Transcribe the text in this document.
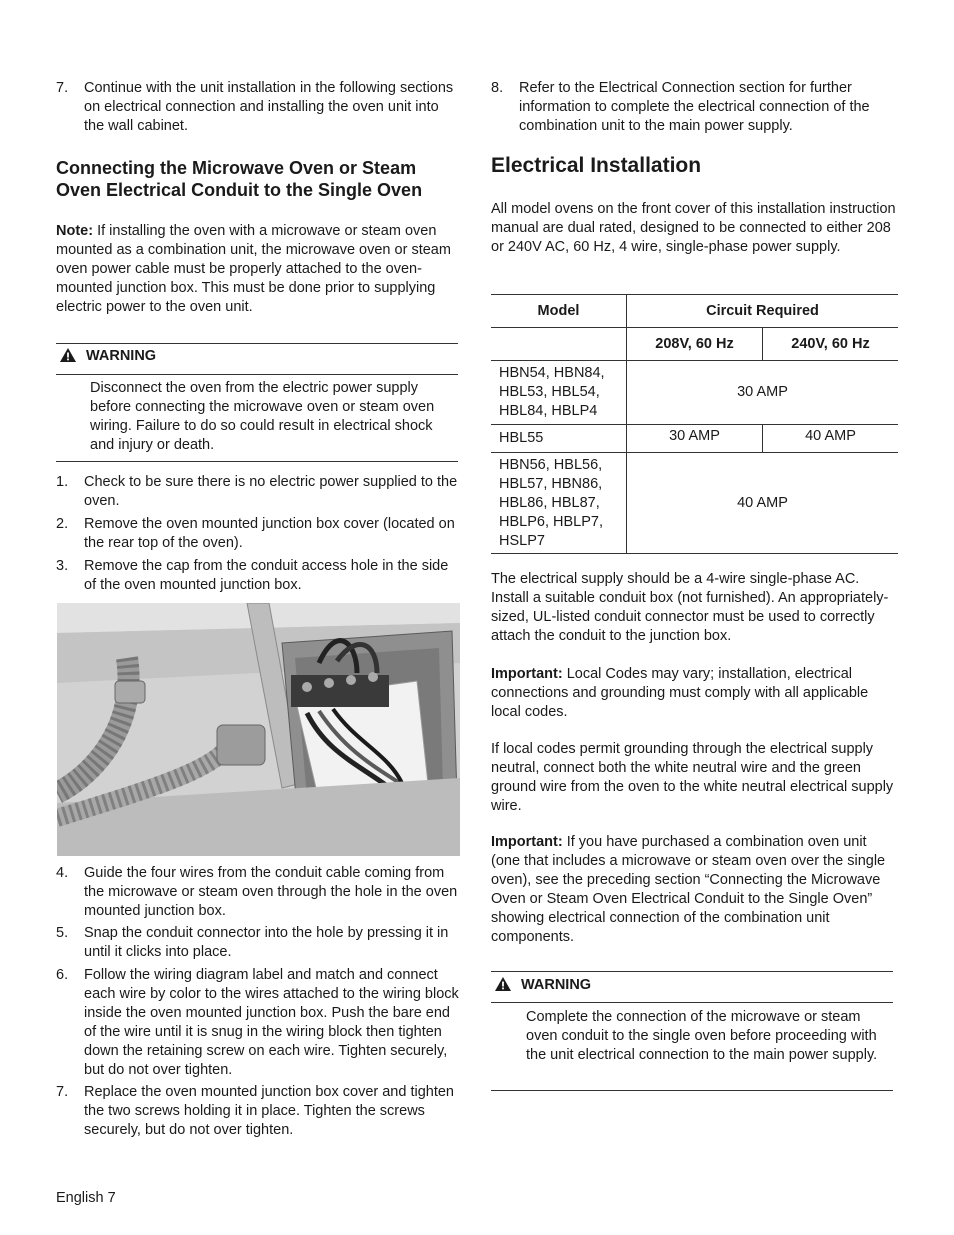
7. Continue with the unit installation in the following sections on electrical connection and installing the oven unit into the wall cabinet.
Connecting the Microwave Oven or Steam Oven Electrical Conduit to the Single Oven
Note: If installing the oven with a microwave or steam oven mounted as a combination unit, the microwave oven or steam oven power cable must be properly attached to the oven-mounted junction box. This must be done prior to supplying electric power to the oven unit.
WARNING
Disconnect the oven from the electric power supply before connecting the microwave oven or steam oven wiring. Failure to do so could result in electrical shock and injury or death.
1. Check to be sure there is no electric power supplied to the oven.
2. Remove the oven mounted junction box cover (located on the rear top of the oven).
3. Remove the cap from the conduit access hole in the side of the oven mounted junction box.
4. Guide the four wires from the conduit cable coming from the microwave or steam oven through the hole in the oven mounted junction box.
5. Snap the conduit connector into the hole by pressing it in until it clicks into place.
6. Follow the wiring diagram label and match and connect each wire by color to the wires attached to the wiring block inside the oven mounted junction box. Push the bare end of the wire until it is snug in the wiring block then tighten down the retaining screw on each wire. Tighten securely, but do not over tighten.
7. Replace the oven mounted junction box cover and tighten the two screws holding it in place. Tighten the screws securely, but do not over tighten.
English 7
8. Refer to the Electrical Connection section for further information to complete the electrical connection of the combination unit to the main power supply.
Electrical Installation
All model ovens on the front cover of this installation instruction manual are dual rated, designed to be connected to either 208 or 240V AC, 60 Hz, 4 wire, single-phase power supply.
Model	Circuit Required	
	208V, 60 Hz	240V, 60 Hz
HBN54, HBN84, HBL53, HBL54, HBL84, HBLP4	30 AMP	
HBL55	30 AMP	40 AMP
HBN56, HBL56, HBL57, HBN86, HBL86, HBL87, HBLP6, HBLP7, HSLP7	40 AMP	
The electrical supply should be a 4-wire single-phase AC. Install a suitable conduit box (not furnished). An appropriately-sized, UL-listed conduit connector must be used to correctly attach the conduit to the junction box.
Important: Local Codes may vary; installation, electrical connections and grounding must comply with all applicable local codes.
If local codes permit grounding through the electrical supply neutral, connect both the white neutral wire and the green ground wire from the oven to the white neutral electrical supply wire.
Important: If you have purchased a combination oven unit (one that includes a microwave or steam oven over the single oven), see the preceding section “Connecting the Microwave Oven or Steam Oven Electrical Conduit to the Single Oven” showing electrical connection of the combination unit components.
WARNING
Complete the connection of the microwave or steam oven conduit to the single oven before proceeding with the unit electrical connection to the main power supply.
